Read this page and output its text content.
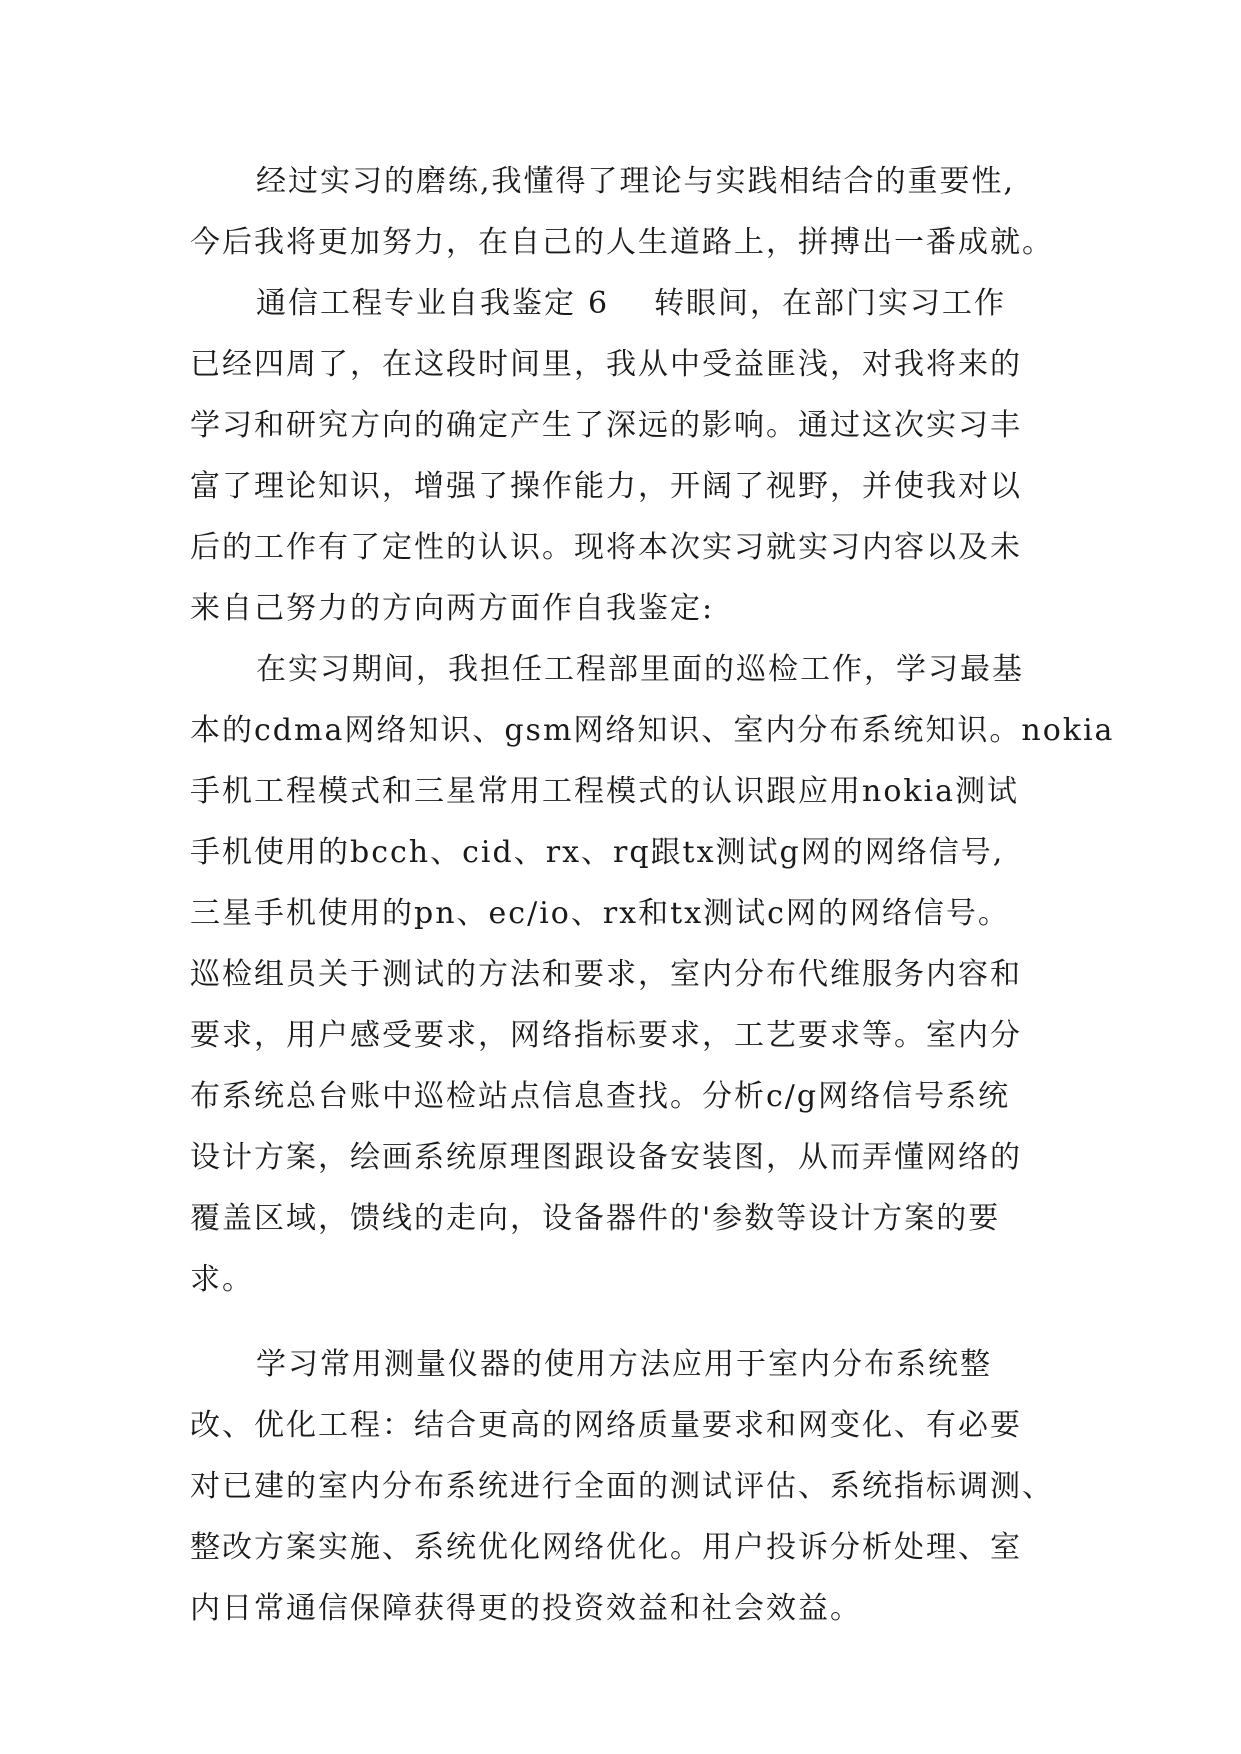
经过实习的磨练,我懂得了理论与实践相结合的重要性,
今后我将更加努力，在自己的人生道路上，拼搏出一番成就。
通信工程专业自我鉴定 6 转眼间，在部门实习工作
已经四周了，在这段时间里，我从中受益匪浅，对我将来的
学习和研究方向的确定产生了深远的影响。通过这次实习丰
富了理论知识，增强了操作能力，开阔了视野，并使我对以
后的工作有了定性的认识。现将本次实习就实习内容以及未
来自己努力的方向两方面作自我鉴定:
在实习期间，我担任工程部里面的巡检工作，学习最基
本的cdma网络知识、gsm网络知识、室内分布系统知识。nokia
手机工程模式和三星常用工程模式的认识跟应用nokia测试
手机使用的bcch、cid、rx、rq跟tx测试g网的网络信号,
三星手机使用的pn、ec/io、rx和tx测试c网的网络信号。
巡检组员关于测试的方法和要求，室内分布代维服务内容和
要求，用户感受要求，网络指标要求，工艺要求等。室内分
布系统总台账中巡检站点信息查找。分析c/g网络信号系统
设计方案，绘画系统原理图跟设备安装图，从而弄懂网络的
覆盖区域，馈线的走向，设备器件的'参数等设计方案的要
求。
学习常用测量仪器的使用方法应用于室内分布系统整
改、优化工程：结合更高的网络质量要求和网变化、有必要
对已建的室内分布系统进行全面的测试评估、系统指标调测、
整改方案实施、系统优化网络优化。用户投诉分析处理、室
内日常通信保障获得更的投资效益和社会效益。
